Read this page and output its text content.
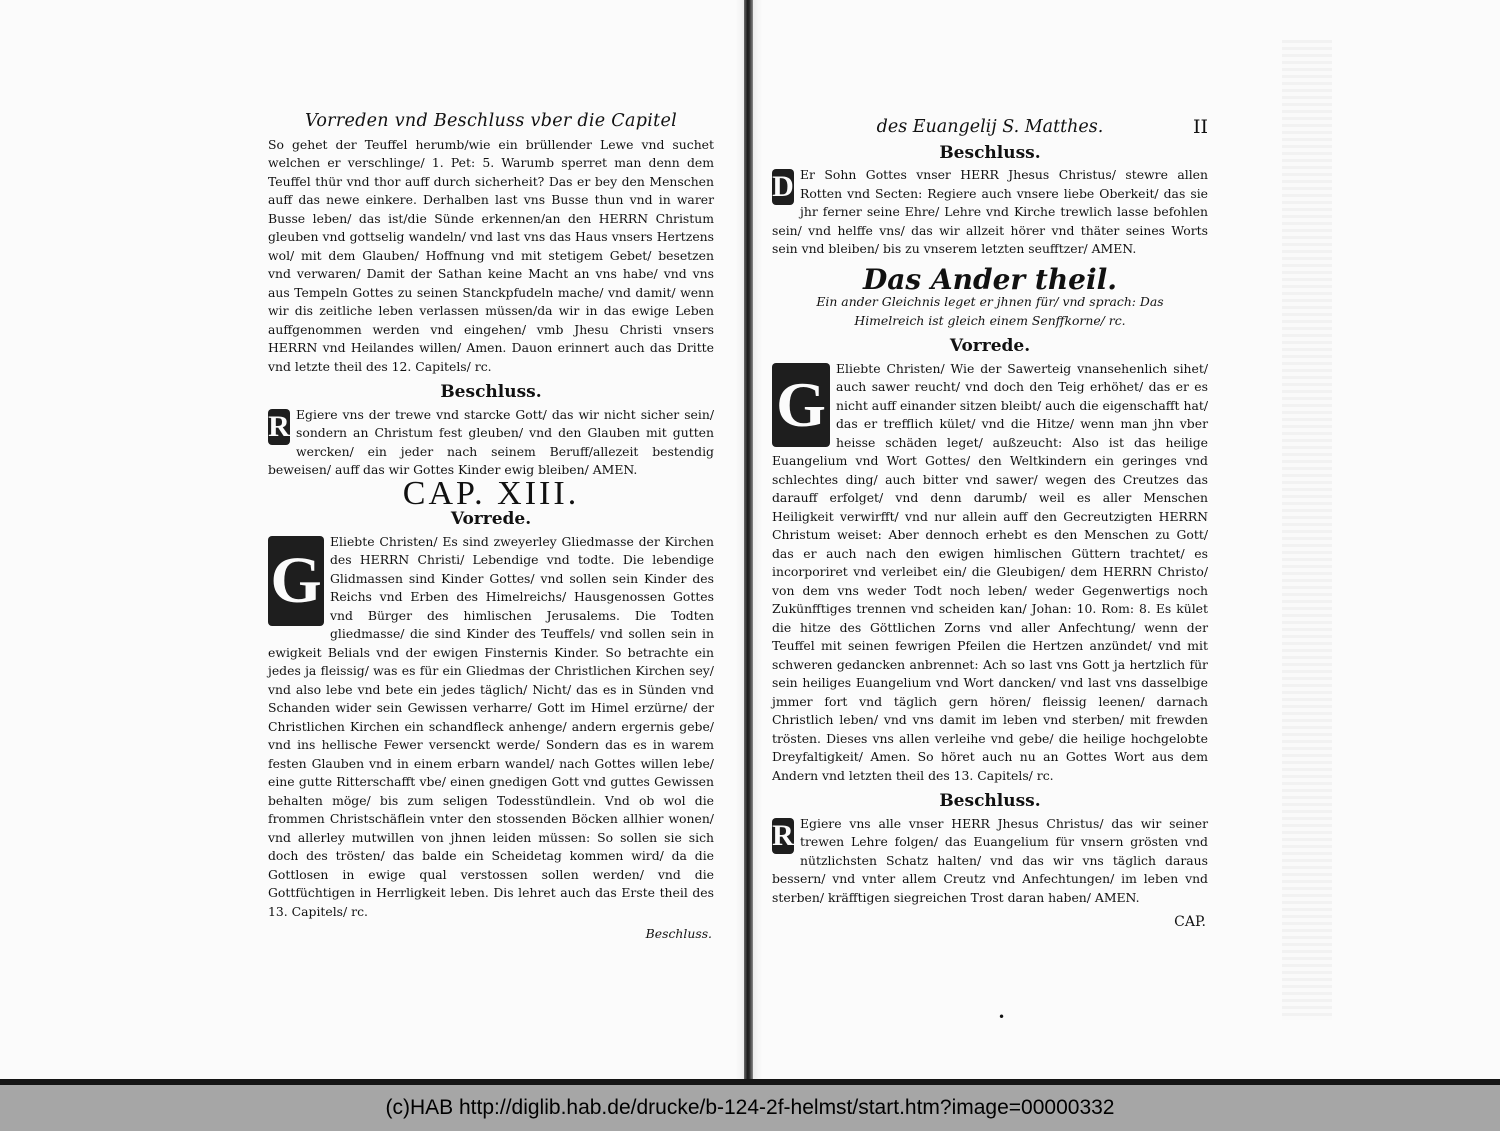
Vorreden vnd Beschluss vber die Capitel

So gehet der Teuffel herumb/wie ein brüllender Lewe vnd suchet welchen er verschlinge/ 1. Pet: 5. Warumb sperret man denn dem Teuffel thür vnd thor auff durch sicherheit? Das er bey den Menschen auff das newe einkere. Derhalben last vns Busse thun vnd in warer Busse leben/ das ist/die Sünde erkennen/an den HERRN Christum gleuben vnd gottselig wandeln/ vnd last vns das Haus vnsers Hertzens wol/ mit dem Glauben/ Hoffnung vnd mit stetigem Gebet/ besetzen vnd verwaren/ Damit der Sathan keine Macht an vns habe/ vnd vns aus Tempeln Gottes zu seinen Stanckpfudeln mache/ vnd damit/ wenn wir dis zeitliche leben verlassen müssen/da wir in das ewige Leben auffgenommen werden vnd eingehen/ vmb Jhesu Christi vnsers HERRN vnd Heilandes willen/ Amen. Dauon erinnert auch das Dritte vnd letzte theil des 12. Capitels/ rc.

Beschluss.

R Egiere vns der trewe vnd starcke Gott/ das wir nicht sicher sein/ sondern an Christum fest gleuben/ vnd den Glauben mit gutten wercken/ ein jeder nach seinem Beruff/allezeit bestendig beweisen/ auff das wir Gottes Kinder ewig bleiben/ AMEN.

CAP. XIII.
Vorrede.

G
Eliebte Christen/ Es sind zweyerley Gliedmasse der Kirchen des HERRN Christi/ Lebendige vnd todte. Die lebendige Glidmassen sind Kinder Gottes/ vnd sollen sein Kinder des Reichs vnd Erben des Himelreichs/ Hausgenossen Gottes vnd Bürger des himlischen Jerusalems. Die Todten gliedmasse/ die sind Kinder des Teuffels/ vnd sollen sein in ewigkeit Belials vnd der ewigen Finsternis Kinder. So betrachte ein jedes ja fleissig/ was es für ein Gliedmas der Christlichen Kirchen sey/ vnd also lebe vnd bete ein jedes täglich/ Nicht/ das es in Sünden vnd Schanden wider sein Gewissen verharre/ Gott im Himel erzürne/ der Christlichen Kirchen ein schandfleck anhenge/ andern ergernis gebe/ vnd ins hellische Fewer versenckt werde/ Sondern das es in warem festen Glauben vnd in einem erbarn wandel/ nach Gottes willen lebe/ eine gutte Ritterschafft vbe/ einen gnedigen Gott vnd guttes Gewissen behalten möge/ bis zum seligen Todesstündlein. Vnd ob wol die frommen Christschäflein vnter den stossenden Böcken allhier wonen/ vnd allerley mutwillen von jhnen leiden müssen: So sollen sie sich doch des trösten/ das balde ein Scheidetag kommen wird/ da die Gottlosen in ewige qual verstossen sollen werden/ vnd die Gottfüchtigen in Herrligkeit leben. Dis lehret auch das Erste theil des 13. Capitels/ rc.

Beschluss.
des Euangelij S. Matthes.	II
Beschluss.

D Er Sohn Gottes vnser HERR Jhesus Christus/ stewre allen Rotten vnd Secten: Regiere auch vnsere liebe Oberkeit/ das sie jhr ferner seine Ehre/ Lehre vnd Kirche trewlich lasse befohlen sein/ vnd helffe vns/ das wir allzeit hörer vnd thäter seines Worts sein vnd bleiben/ bis zu vnserem letzten seufftzer/ AMEN.

Das Ander theil.
Ein ander Gleichnis leget er jhnen für/ vnd sprach: Das Himelreich ist gleich einem Senffkorne/ rc.
Vorrede.

G
Eliebte Christen/ Wie der Sawerteig vnansehenlich sihet/ auch sawer reucht/ vnd doch den Teig erhöhet/ das er es nicht auff einander sitzen bleibt/ auch die eigenschafft hat/ das er trefflich kület/ vnd die Hitze/ wenn man jhn vber heisse schäden leget/ außzeucht: Also ist das heilige Euangelium vnd Wort Gottes/ den Weltkindern ein geringes vnd schlechtes ding/ auch bitter vnd sawer/ wegen des Creutzes das darauff erfolget/ vnd denn darumb/ weil es aller Menschen Heiligkeit verwirfft/ vnd nur allein auff den Gecreutzigten HERRN Christum weiset: Aber dennoch erhebt es den Menschen zu Gott/ das er auch nach den ewigen himlischen Güttern trachtet/ es incorporiret vnd verleibet ein/ die Gleubigen/ dem HERRN Christo/ von dem vns weder Todt noch leben/ weder Gegenwertigs noch Zukünfftiges trennen vnd scheiden kan/ Johan: 10. Rom: 8. Es kület die hitze des Göttlichen Zorns vnd aller Anfechtung/ wenn der Teuffel mit seinen fewrigen Pfeilen die Hertzen anzündet/ vnd mit schweren gedancken anbrennet: Ach so last vns Gott ja hertzlich für sein heiliges Euangelium vnd Wort dancken/ vnd last vns dasselbige jmmer fort vnd täglich gern hören/ fleissig leenen/ darnach Christlich leben/ vnd vns damit im leben vnd sterben/ mit frewden trösten. Dieses vns allen verleihe vnd gebe/ die heilige hochgelobte Dreyfaltigkeit/ Amen. So höret auch nu an Gottes Wort aus dem Andern vnd letzten theil des 13. Capitels/ rc.

Beschluss.

R Egiere vns alle vnser HERR Jhesus Christus/ das wir seiner trewen Lehre folgen/ das Euangelium für vnsern grösten vnd nützlichsten Schatz halten/ vnd das wir vns täglich daraus bessern/ vnd vnter allem Creutz vnd Anfechtungen/ im leben vnd sterben/ kräfftigen siegreichen Trost daran haben/ AMEN.

CAP.
•
(c)HAB http://diglib.hab.de/drucke/b-124-2f-helmst/start.htm?image=00000332
